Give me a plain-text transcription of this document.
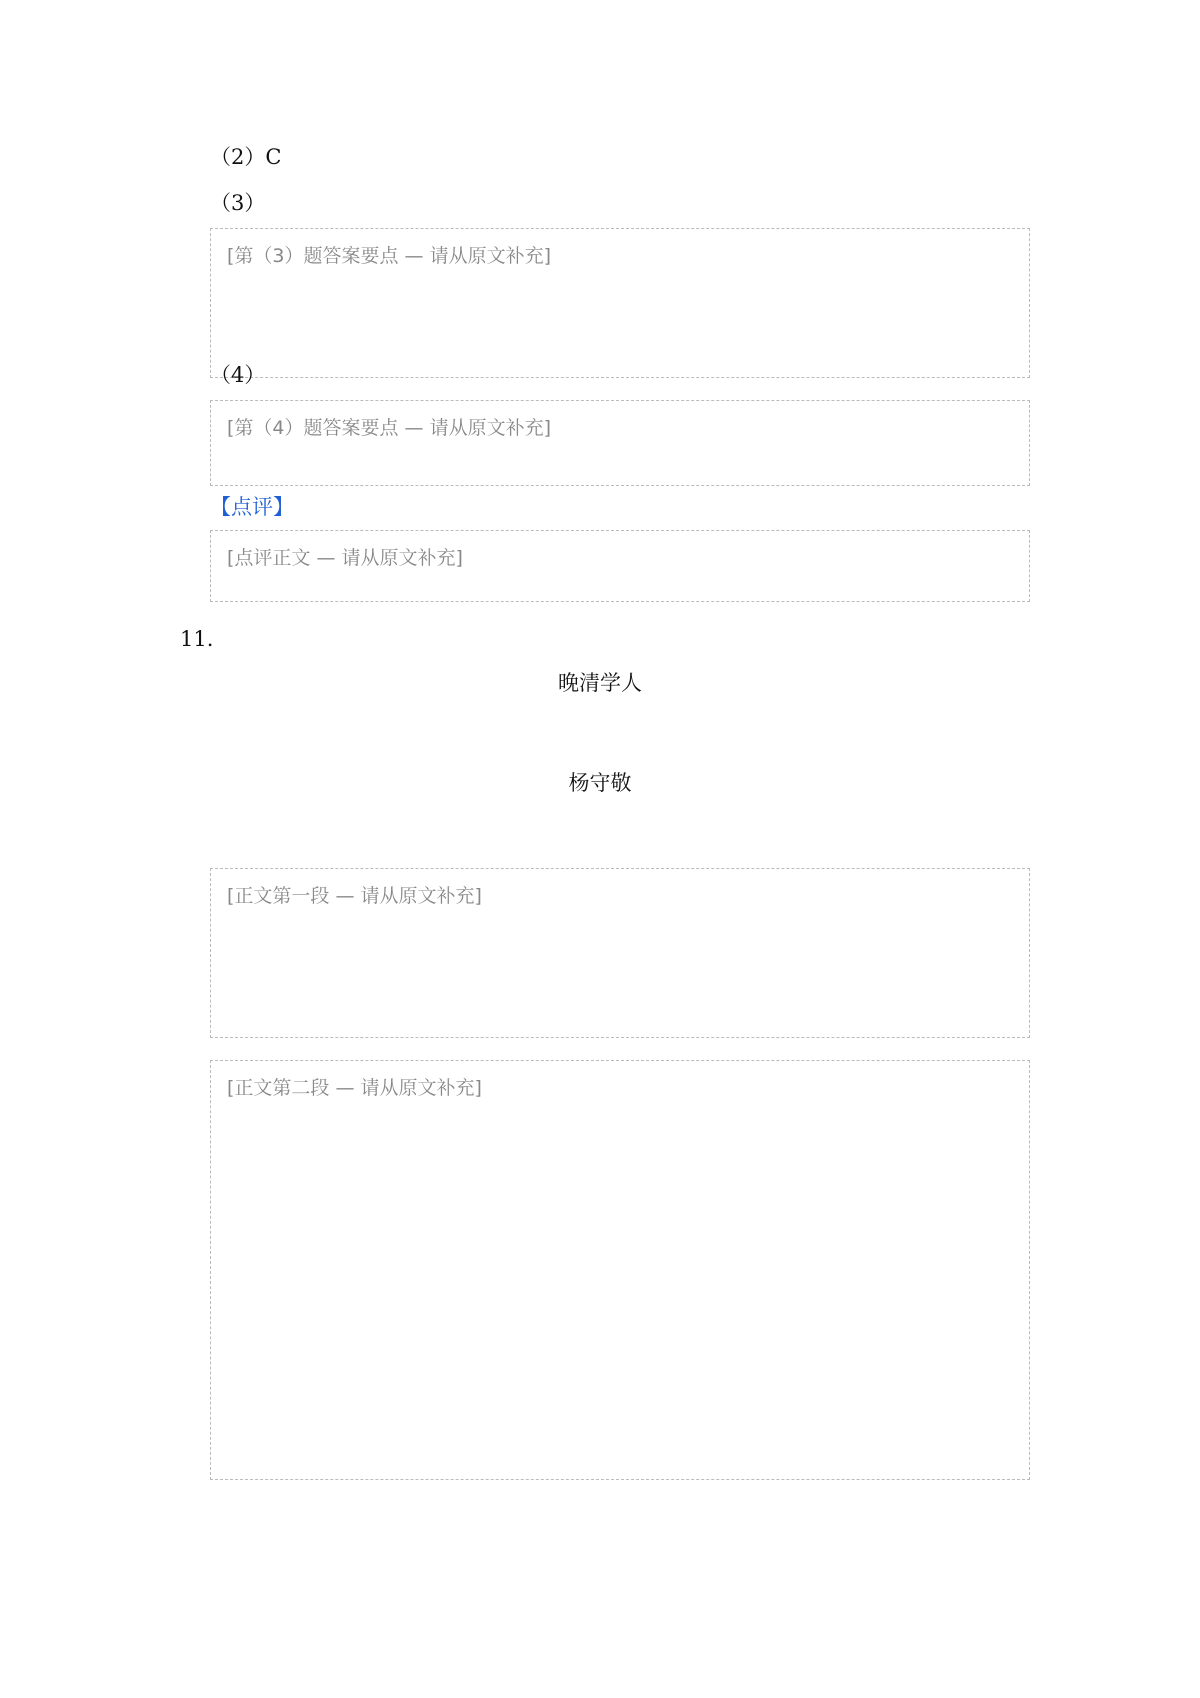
（2）C
（3）
[第（3）题答案要点 — 请从原文补充]
（4）
[第（4）题答案要点 — 请从原文补充]
【点评】
[点评正文 — 请从原文补充]
11.
晚清学人
杨守敬
[正文第一段 — 请从原文补充]
[正文第二段 — 请从原文补充]
